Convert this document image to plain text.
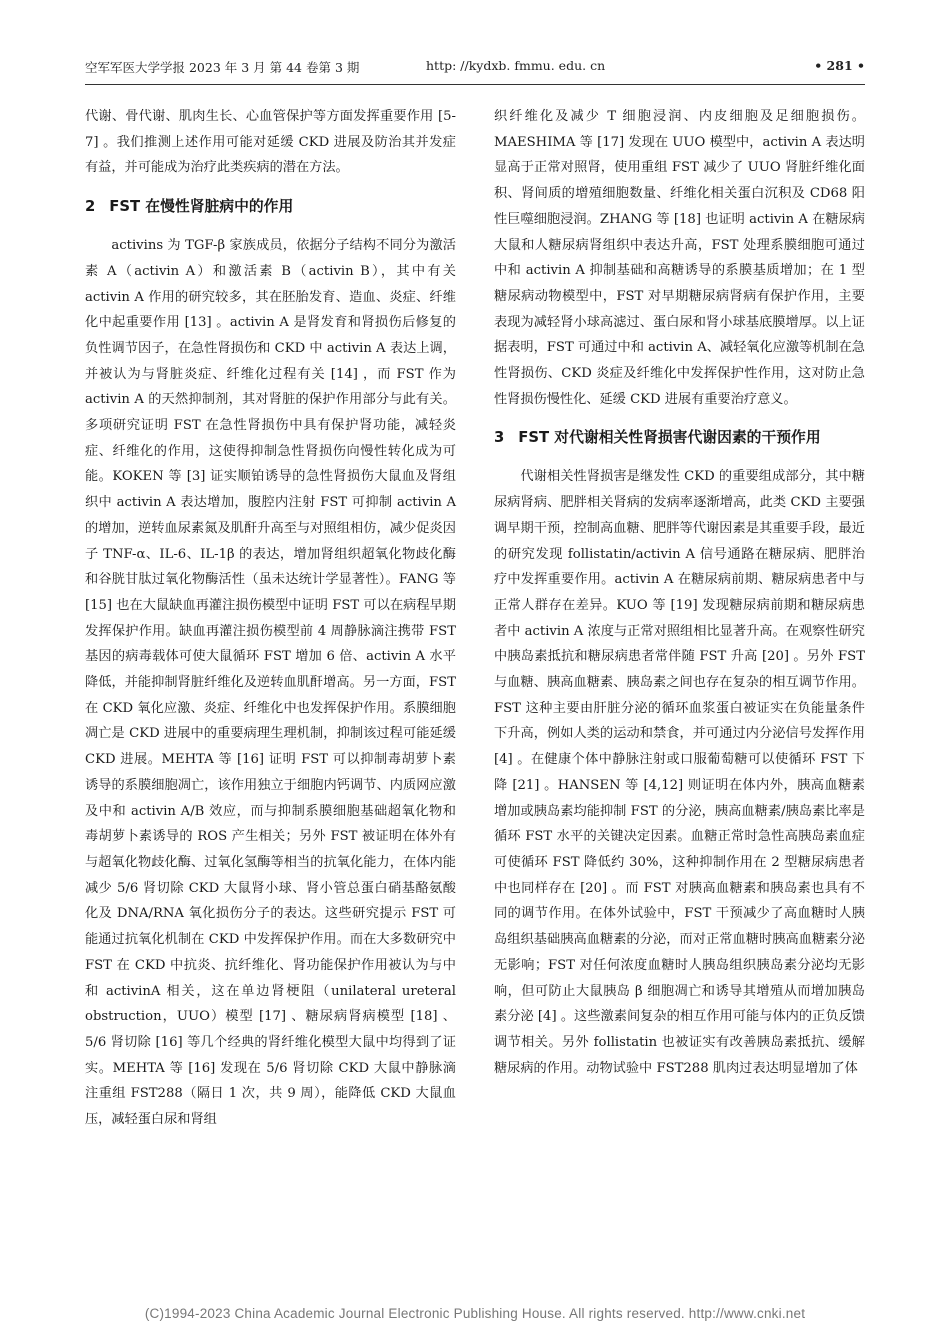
空军军医大学学报 2023 年 3 月 第 44 卷第 3 期	http: //kydxb. fmmu. edu. cn	• 281 •

代谢、骨代谢、肌肉生长、心血管保护等方面发挥重要作用 [5-7] 。我们推测上述作用可能对延缓 CKD 进展及防治其并发症有益，并可能成为治疗此类疾病的潜在方法。

2 FST 在慢性肾脏病中的作用

activins 为 TGF-β 家族成员，依据分子结构不同分为激活素 A（activin A）和激活素 B（activin B），其中有关 activin A 作用的研究较多，其在胚胎发育、造血、炎症、纤维化中起重要作用 [13] 。activin A 是肾发育和肾损伤后修复的负性调节因子，在急性肾损伤和 CKD 中 activin A 表达上调，并被认为与肾脏炎症、纤维化过程有关 [14] ，而 FST 作为 activin A 的天然抑制剂，其对肾脏的保护作用部分与此有关。多项研究证明 FST 在急性肾损伤中具有保护肾功能，减轻炎症、纤维化的作用，这使得抑制急性肾损伤向慢性转化成为可能。KOKEN 等 [3] 证实顺铂诱导的急性肾损伤大鼠血及肾组织中 activin A 表达增加，腹腔内注射 FST 可抑制 activin A 的增加，逆转血尿素氮及肌酐升高至与对照组相仿，减少促炎因子 TNF-α、IL-6、IL-1β 的表达，增加肾组织超氧化物歧化酶和谷胱甘肽过氧化物酶活性（虽未达统计学显著性）。FANG 等 [15] 也在大鼠缺血再灌注损伤模型中证明 FST 可以在病程早期发挥保护作用。缺血再灌注损伤模型前 4 周静脉滴注携带 FST 基因的病毒载体可使大鼠循环 FST 增加 6 倍、activin A 水平降低，并能抑制肾脏纤维化及逆转血肌酐增高。另一方面，FST 在 CKD 氧化应激、炎症、纤维化中也发挥保护作用。系膜细胞凋亡是 CKD 进展中的重要病理生理机制，抑制该过程可能延缓 CKD 进展。MEHTA 等 [16] 证明 FST 可以抑制毒胡萝卜素诱导的系膜细胞凋亡，该作用独立于细胞内钙调节、内质网应激及中和 activin A/B 效应，而与抑制系膜细胞基础超氧化物和毒胡萝卜素诱导的 ROS 产生相关；另外 FST 被证明在体外有与超氧化物歧化酶、过氧化氢酶等相当的抗氧化能力，在体内能减少 5/6 肾切除 CKD 大鼠肾小球、肾小管总蛋白硝基酪氨酸化及 DNA/RNA 氧化损伤分子的表达。这些研究提示 FST 可能通过抗氧化机制在 CKD 中发挥保护作用。而在大多数研究中 FST 在 CKD 中抗炎、抗纤维化、肾功能保护作用被认为与中和 activinA 相关，这在单边肾梗阻（unilateral ureteral obstruction，UUO）模型 [17] 、糖尿病肾病模型 [18] 、5/6 肾切除 [16] 等几个经典的肾纤维化模型大鼠中均得到了证实。MEHTA 等 [16] 发现在 5/6 肾切除 CKD 大鼠中静脉滴注重组 FST288（隔日 1 次，共 9 周），能降低 CKD 大鼠血压，减轻蛋白尿和肾组

织纤维化及减少 T 细胞浸润、内皮细胞及足细胞损伤。MAESHIMA 等 [17] 发现在 UUO 模型中，activin A 表达明显高于正常对照肾，使用重组 FST 减少了 UUO 肾脏纤维化面积、肾间质的增殖细胞数量、纤维化相关蛋白沉积及 CD68 阳性巨噬细胞浸润。ZHANG 等 [18] 也证明 activin A 在糖尿病大鼠和人糖尿病肾组织中表达升高，FST 处理系膜细胞可通过中和 activin A 抑制基础和高糖诱导的系膜基质增加；在 1 型糖尿病动物模型中，FST 对早期糖尿病肾病有保护作用，主要表现为减轻肾小球高滤过、蛋白尿和肾小球基底膜增厚。以上证据表明，FST 可通过中和 activin A、减轻氧化应激等机制在急性肾损伤、CKD 炎症及纤维化中发挥保护性作用，这对防止急性肾损伤慢性化、延缓 CKD 进展有重要治疗意义。

3 FST 对代谢相关性肾损害代谢因素的干预作用

代谢相关性肾损害是继发性 CKD 的重要组成部分，其中糖尿病肾病、肥胖相关肾病的发病率逐渐增高，此类 CKD 主要强调早期干预，控制高血糖、肥胖等代谢因素是其重要手段，最近的研究发现 follistatin/activin A 信号通路在糖尿病、肥胖治疗中发挥重要作用。activin A 在糖尿病前期、糖尿病患者中与正常人群存在差异。KUO 等 [19] 发现糖尿病前期和糖尿病患者中 activin A 浓度与正常对照组相比显著升高。在观察性研究中胰岛素抵抗和糖尿病患者常伴随 FST 升高 [20] 。另外 FST 与血糖、胰高血糖素、胰岛素之间也存在复杂的相互调节作用。FST 这种主要由肝脏分泌的循环血浆蛋白被证实在负能量条件下升高，例如人类的运动和禁食，并可通过内分泌信号发挥作用 [4] 。在健康个体中静脉注射或口服葡萄糖可以使循环 FST 下降 [21] 。HANSEN 等 [4,12] 则证明在体内外，胰高血糖素增加或胰岛素均能抑制 FST 的分泌，胰高血糖素/胰岛素比率是循环 FST 水平的关键决定因素。血糖正常时急性高胰岛素血症可使循环 FST 降低约 30%，这种抑制作用在 2 型糖尿病患者中也同样存在 [20] 。而 FST 对胰高血糖素和胰岛素也具有不同的调节作用。在体外试验中，FST 干预减少了高血糖时人胰岛组织基础胰高血糖素的分泌，而对正常血糖时胰高血糖素分泌无影响；FST 对任何浓度血糖时人胰岛组织胰岛素分泌均无影响，但可防止大鼠胰岛 β 细胞凋亡和诱导其增殖从而增加胰岛素分泌 [4] 。这些激素间复杂的相互作用可能与体内的正负反馈调节相关。另外 follistatin 也被证实有改善胰岛素抵抗、缓解糖尿病的作用。动物试验中 FST288 肌肉过表达明显增加了体

(C)1994-2023 China Academic Journal Electronic Publishing House. All rights reserved. http://www.cnki.net
